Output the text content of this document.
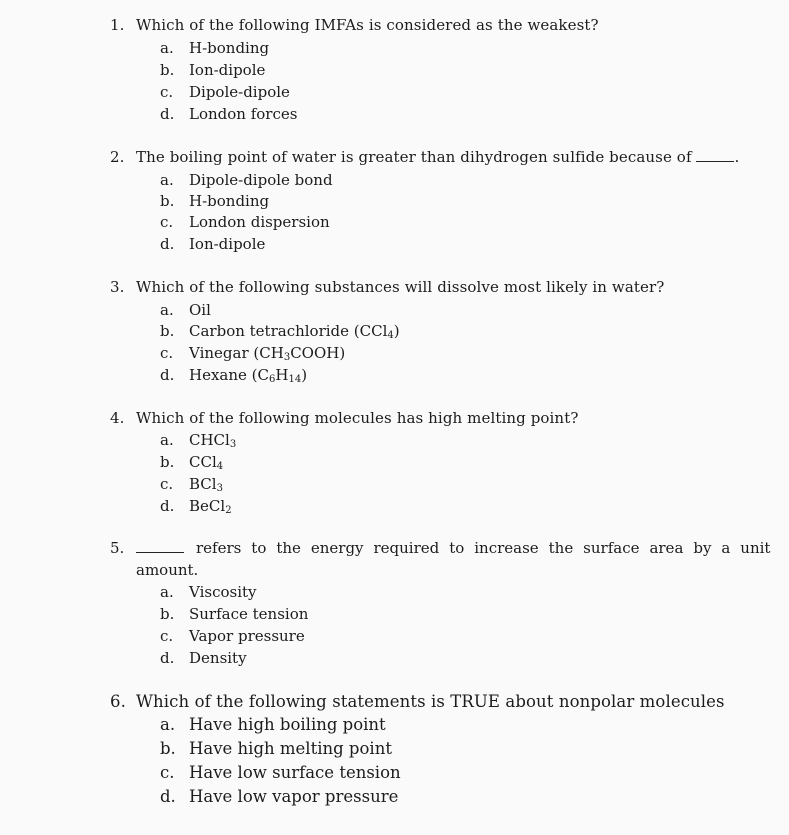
1. Which of the following IMFAs is considered as the weakest?
a. H-bonding
b. Ion-dipole
c. Dipole-dipole
d. London forces
2. The boiling point of water is greater than dihydrogen sulfide because of	.
a. Dipole-dipole bond
b. H-bonding
c. London dispersion
d. Ion-dipole
3. Which of the following substances will dissolve most likely in water?
a. Oil
b. Carbon tetrachloride (CCl$_4$)
c. Vinegar $(CH_3COOH)$
d. Hexane $(C_6H_{14})$
4. Which of the following molecules has high melting point?
a. CHCl$_3$
b. CCl$_4$
c. BCl$_3$
d. BeCl$_2$
5.	refers to the energy required to increase the surface area by a unit
amount.
a. Viscosity
b. Surface tension
c. Vapor pressure
d. Density
6. Which of the following statements is TRUE about nonpolar molecules
a. Have high boiling point
b. Have high melting point
c. Have low surface tension
d. Have low vapor pressure
